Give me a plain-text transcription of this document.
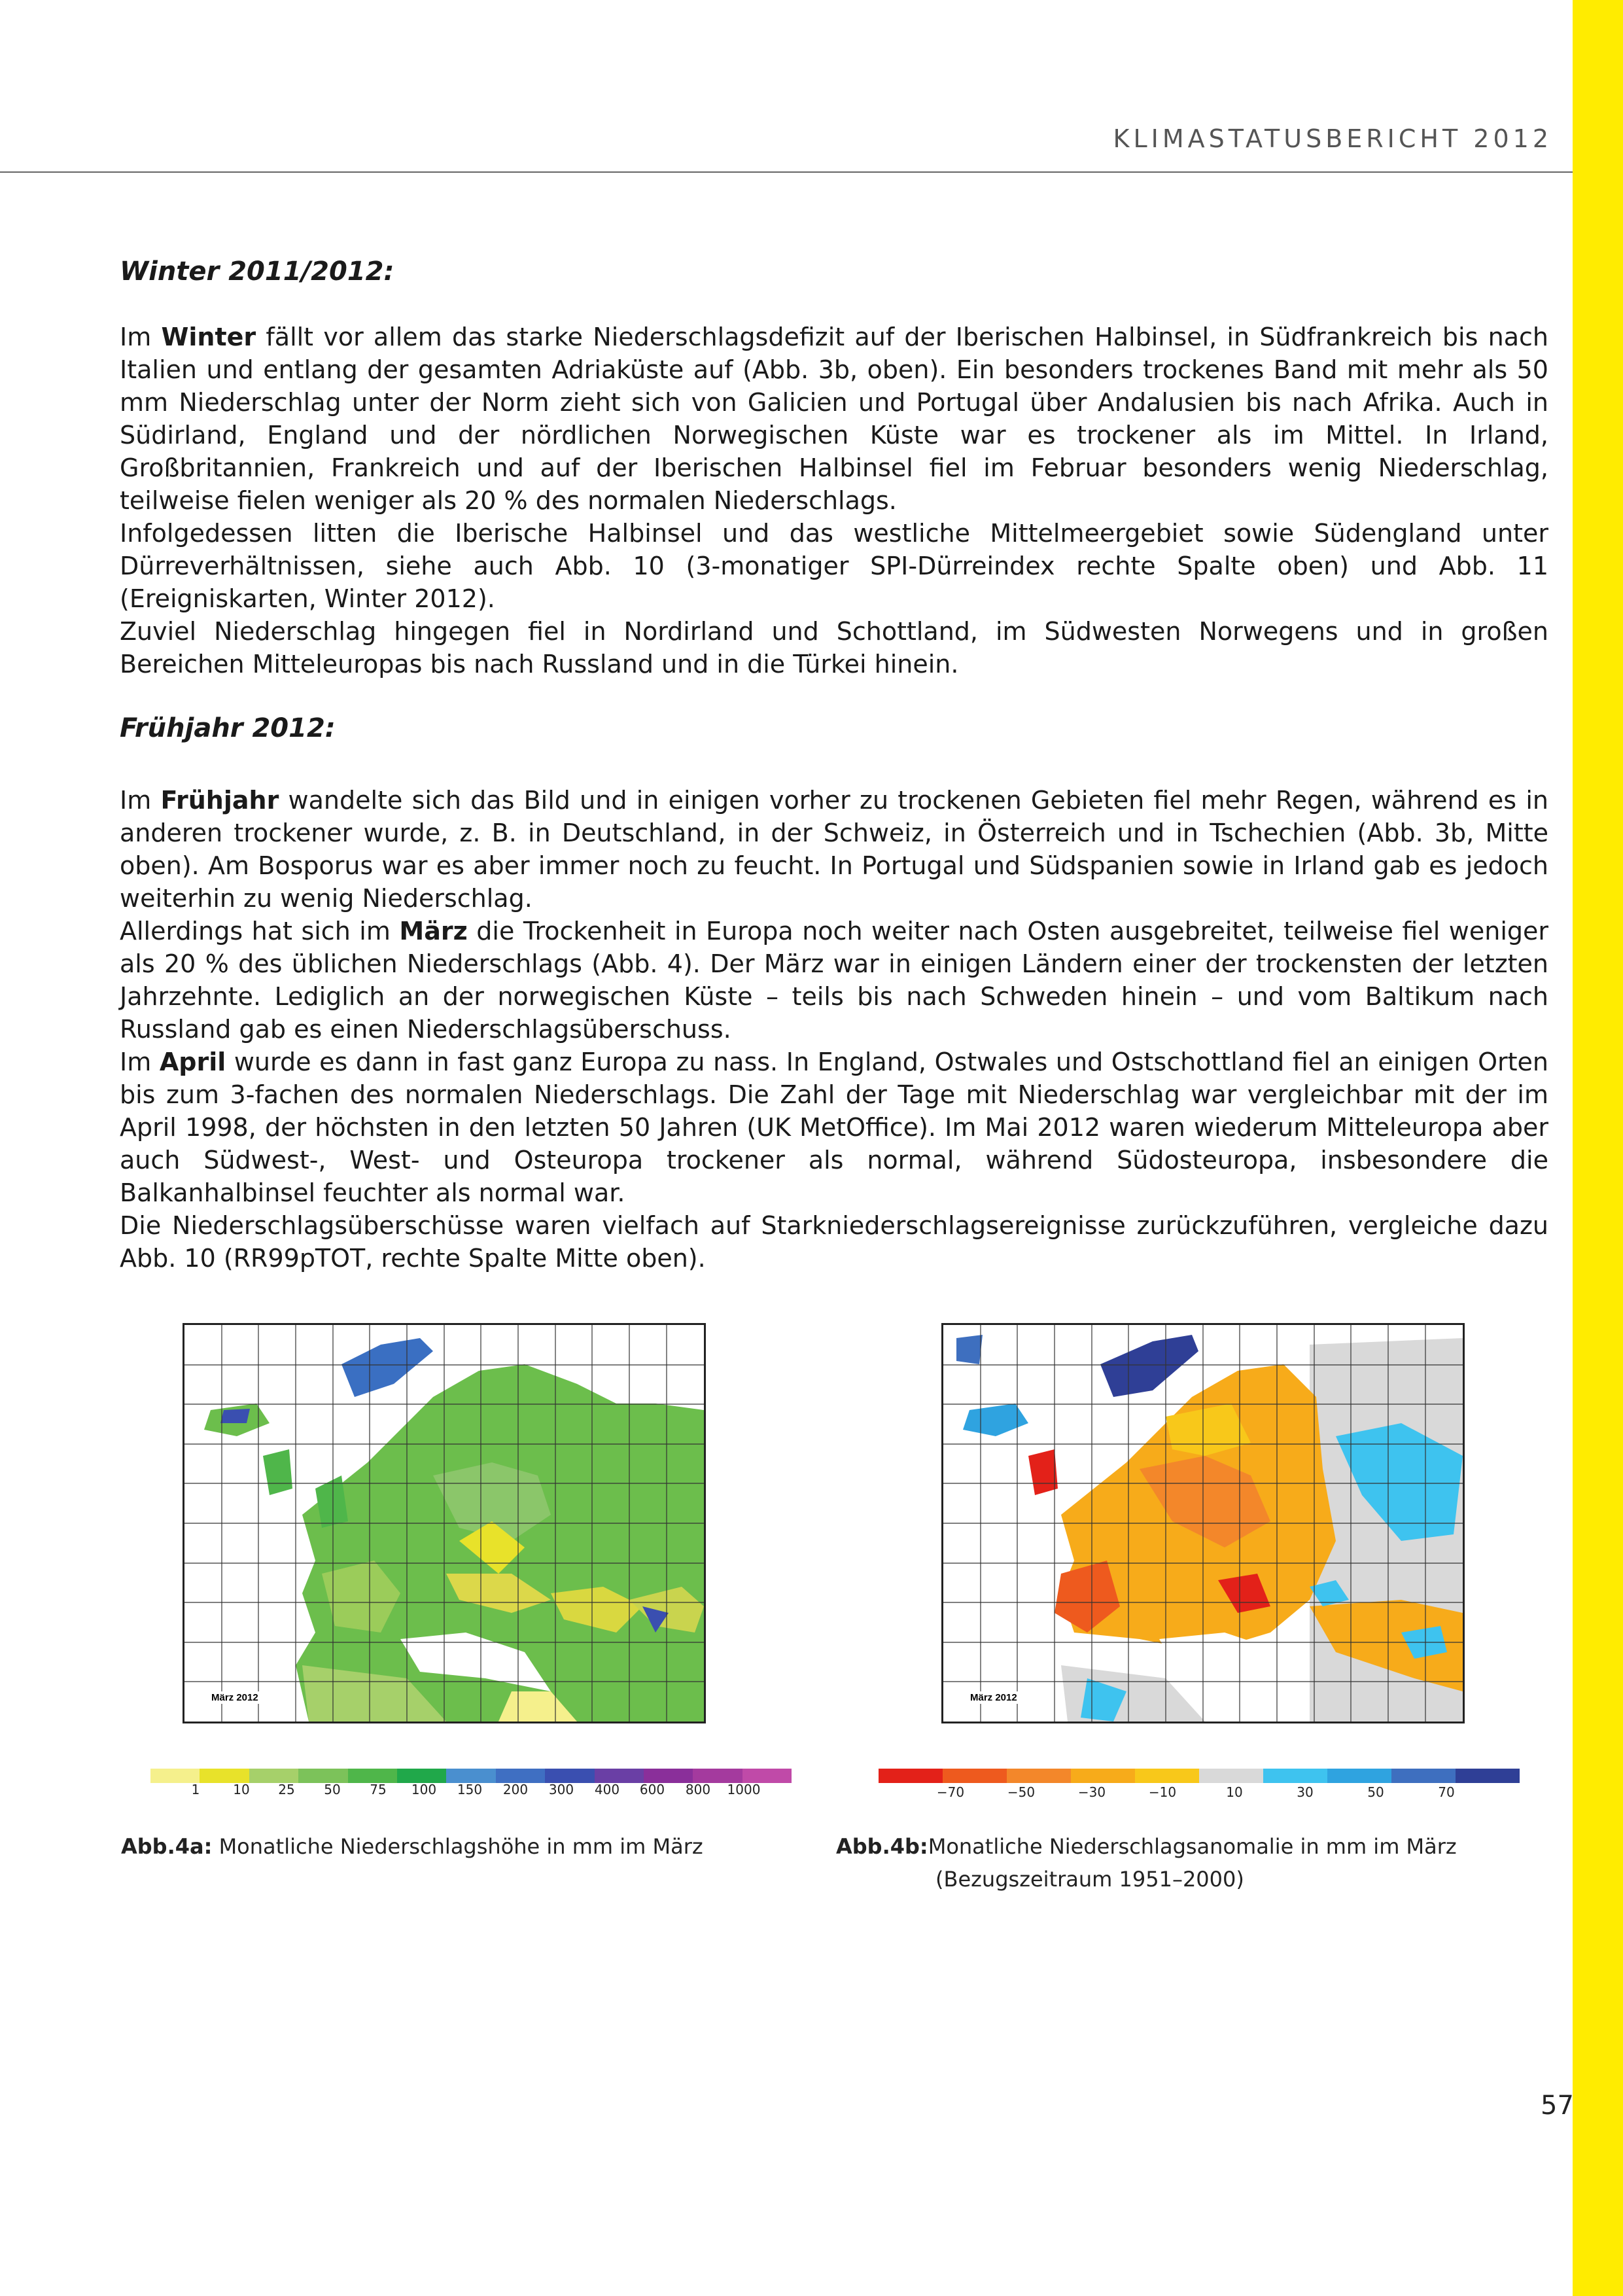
KLIMASTATUSBERICHT 2012
Winter 2011/2012:

Im Winter fällt vor allem das starke Niederschlagsdefizit auf der Iberischen Halbinsel, in Südfrankreich bis nach Italien und entlang der gesamten Adriaküste auf (Abb. 3b, oben). Ein besonders trockenes Band mit mehr als 50 mm Niederschlag unter der Norm zieht sich von Galicien und Portugal über Andalusien bis nach Afrika. Auch in Südirland, England und der nördlichen Norwegischen Küste war es trockener als im Mittel. In Irland, Großbritannien, Frankreich und auf der Iberischen Halbinsel fiel im Februar besonders wenig Niederschlag, teilweise fielen weniger als 20 % des normalen Niederschlags.

Infolgedessen litten die Iberische Halbinsel und das westliche Mittelmeergebiet sowie Südengland unter Dürreverhältnissen, siehe auch Abb. 10 (3-monatiger SPI-Dürreindex rechte Spalte oben) und Abb. 11 (Ereigniskarten, Winter 2012).

Zuviel Niederschlag hingegen fiel in Nordirland und Schottland, im Südwesten Norwegens und in großen Bereichen Mitteleuropas bis nach Russland und in die Türkei hinein.

Frühjahr 2012:

Im Frühjahr wandelte sich das Bild und in einigen vorher zu trockenen Gebieten fiel mehr Regen, während es in anderen trockener wurde, z. B. in Deutschland, in der Schweiz, in Österreich und in Tschechien (Abb. 3b, Mitte oben). Am Bosporus war es aber immer noch zu feucht. In Portugal und Südspanien sowie in Irland gab es jedoch weiterhin zu wenig Niederschlag.

Allerdings hat sich im März die Trockenheit in Europa noch weiter nach Osten ausgebreitet, teilweise fiel weniger als 20 % des üblichen Niederschlags (Abb. 4). Der März war in einigen Ländern einer der trockensten der letzten Jahrzehnte. Lediglich an der norwegischen Küste – teils bis nach Schweden hinein – und vom Baltikum nach Russland gab es einen Niederschlagsüberschuss.

Im April wurde es dann in fast ganz Europa zu nass. In England, Ostwales und Ostschottland fiel an einigen Orten bis zum 3-fachen des normalen Niederschlags. Die Zahl der Tage mit Niederschlag war vergleichbar mit der im April 1998, der höchsten in den letzten 50 Jahren (UK MetOffice). Im Mai 2012 waren wiederum Mitteleuropa aber auch Südwest-, West- und Osteuropa trockener als normal, während Südosteuropa, insbesondere die Balkanhalbinsel feuchter als normal war.

Die Niederschlagsüberschüsse waren vielfach auf Starkniederschlagsereignisse zurückzuführen, vergleiche dazu Abb. 10 (RR99pTOT, rechte Spalte Mitte oben).

März 2012
1	10 25 50 75 100 150 200 300 400 600 800 1000
Abb.4a: Monatliche Niederschlagshöhe in mm im März
März 2012
−70	−50	−30	−10	10	30	50	70
Abb.4b:Monatliche Niederschlagsanomalie in mm im März
(Bezugszeitraum 1951–2000)
57
